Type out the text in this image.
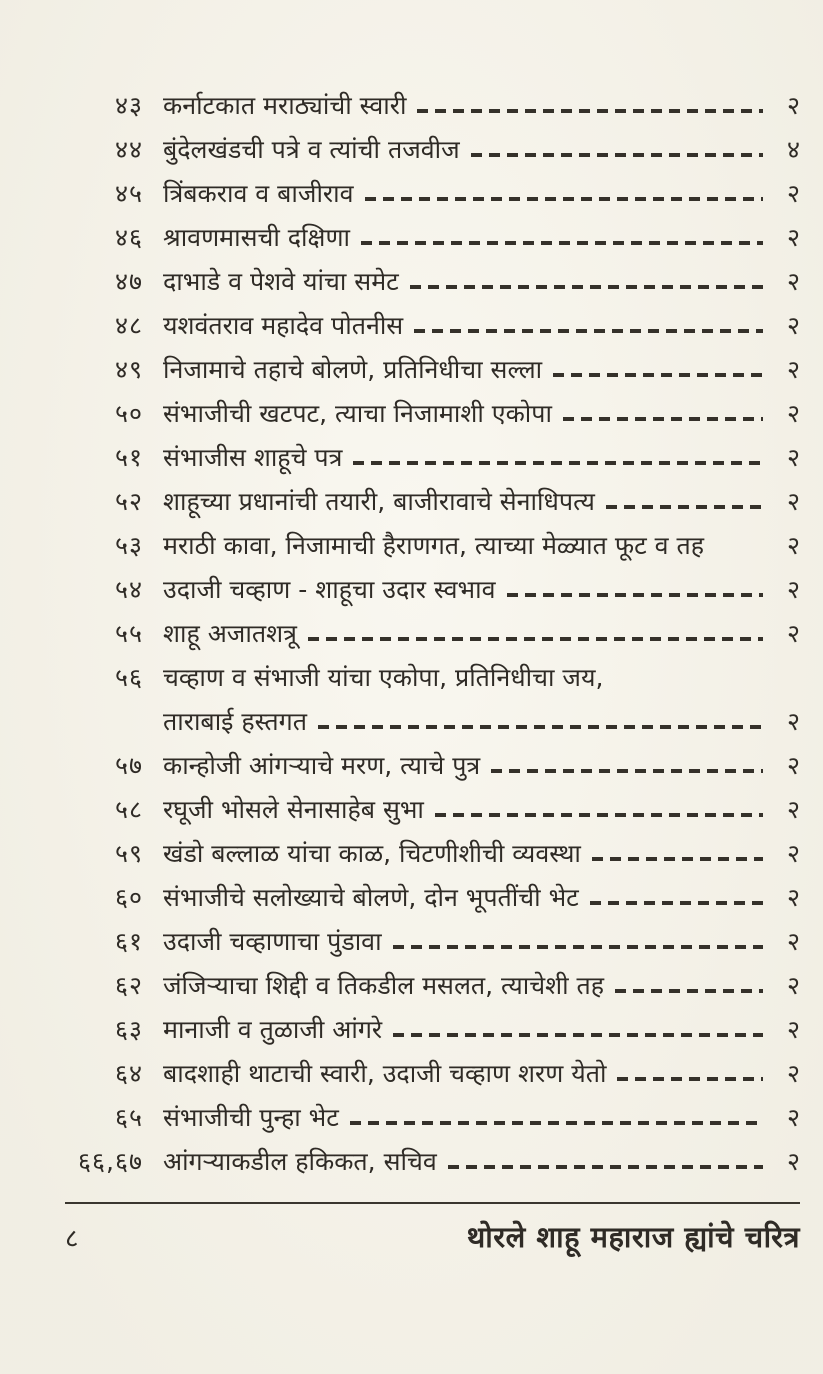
४३ कर्नाटकात मराठ्यांची स्वारी	२
४४ बुंदेलखंडची पत्रे व त्यांची तजवीज	४
४५ त्रिंबकराव व बाजीराव	२
४६ श्रावणमासची दक्षिणा	२
४७ दाभाडे व पेशवे यांचा समेट	२
४८ यशवंतराव महादेव पोतनीस	२
४९ निजामाचे तहाचे बोलणे, प्रतिनिधीचा सल्ला	२
५० संभाजीची खटपट, त्याचा निजामाशी एकोपा	२
५१ संभाजीस शाहूचे पत्र	२
५२ शाहूच्या प्रधानांची तयारी, बाजीरावाचे सेनाधिपत्य	२
५३ मराठी कावा, निजामाची हैराणगत, त्याच्या मेळ्यात फूट व तह	२
५४ उदाजी चव्हाण - शाहूचा उदार स्वभाव	२
५५ शाहू अजातशत्रू	२
५६ चव्हाण व संभाजी यांचा एकोपा, प्रतिनिधीचा जय,
ताराबाई हस्तगत	२
५७ कान्होजी आंगऱ्याचे मरण, त्याचे पुत्र	२
५८ रघूजी भोसले सेनासाहेब सुभा	२
५९ खंडो बल्लाळ यांचा काळ, चिटणीशीची व्यवस्था	२
६० संभाजीचे सलोख्याचे बोलणे, दोन भूपतींची भेट	२
६१ उदाजी चव्हाणाचा पुंडावा	२
६२ जंजिऱ्याचा शिद्दी व तिकडील मसलत, त्याचेशी तह	२
६३ मानाजी व तुळाजी आंगरे	२
६४ बादशाही थाटाची स्वारी, उदाजी चव्हाण शरण येतो	२
६५ संभाजीची पुन्हा भेट	२
६६,६७ आंगऱ्याकडील हकिकत, सचिव	२
८	थोरले शाहू महाराज ह्यांचे चरित्र
